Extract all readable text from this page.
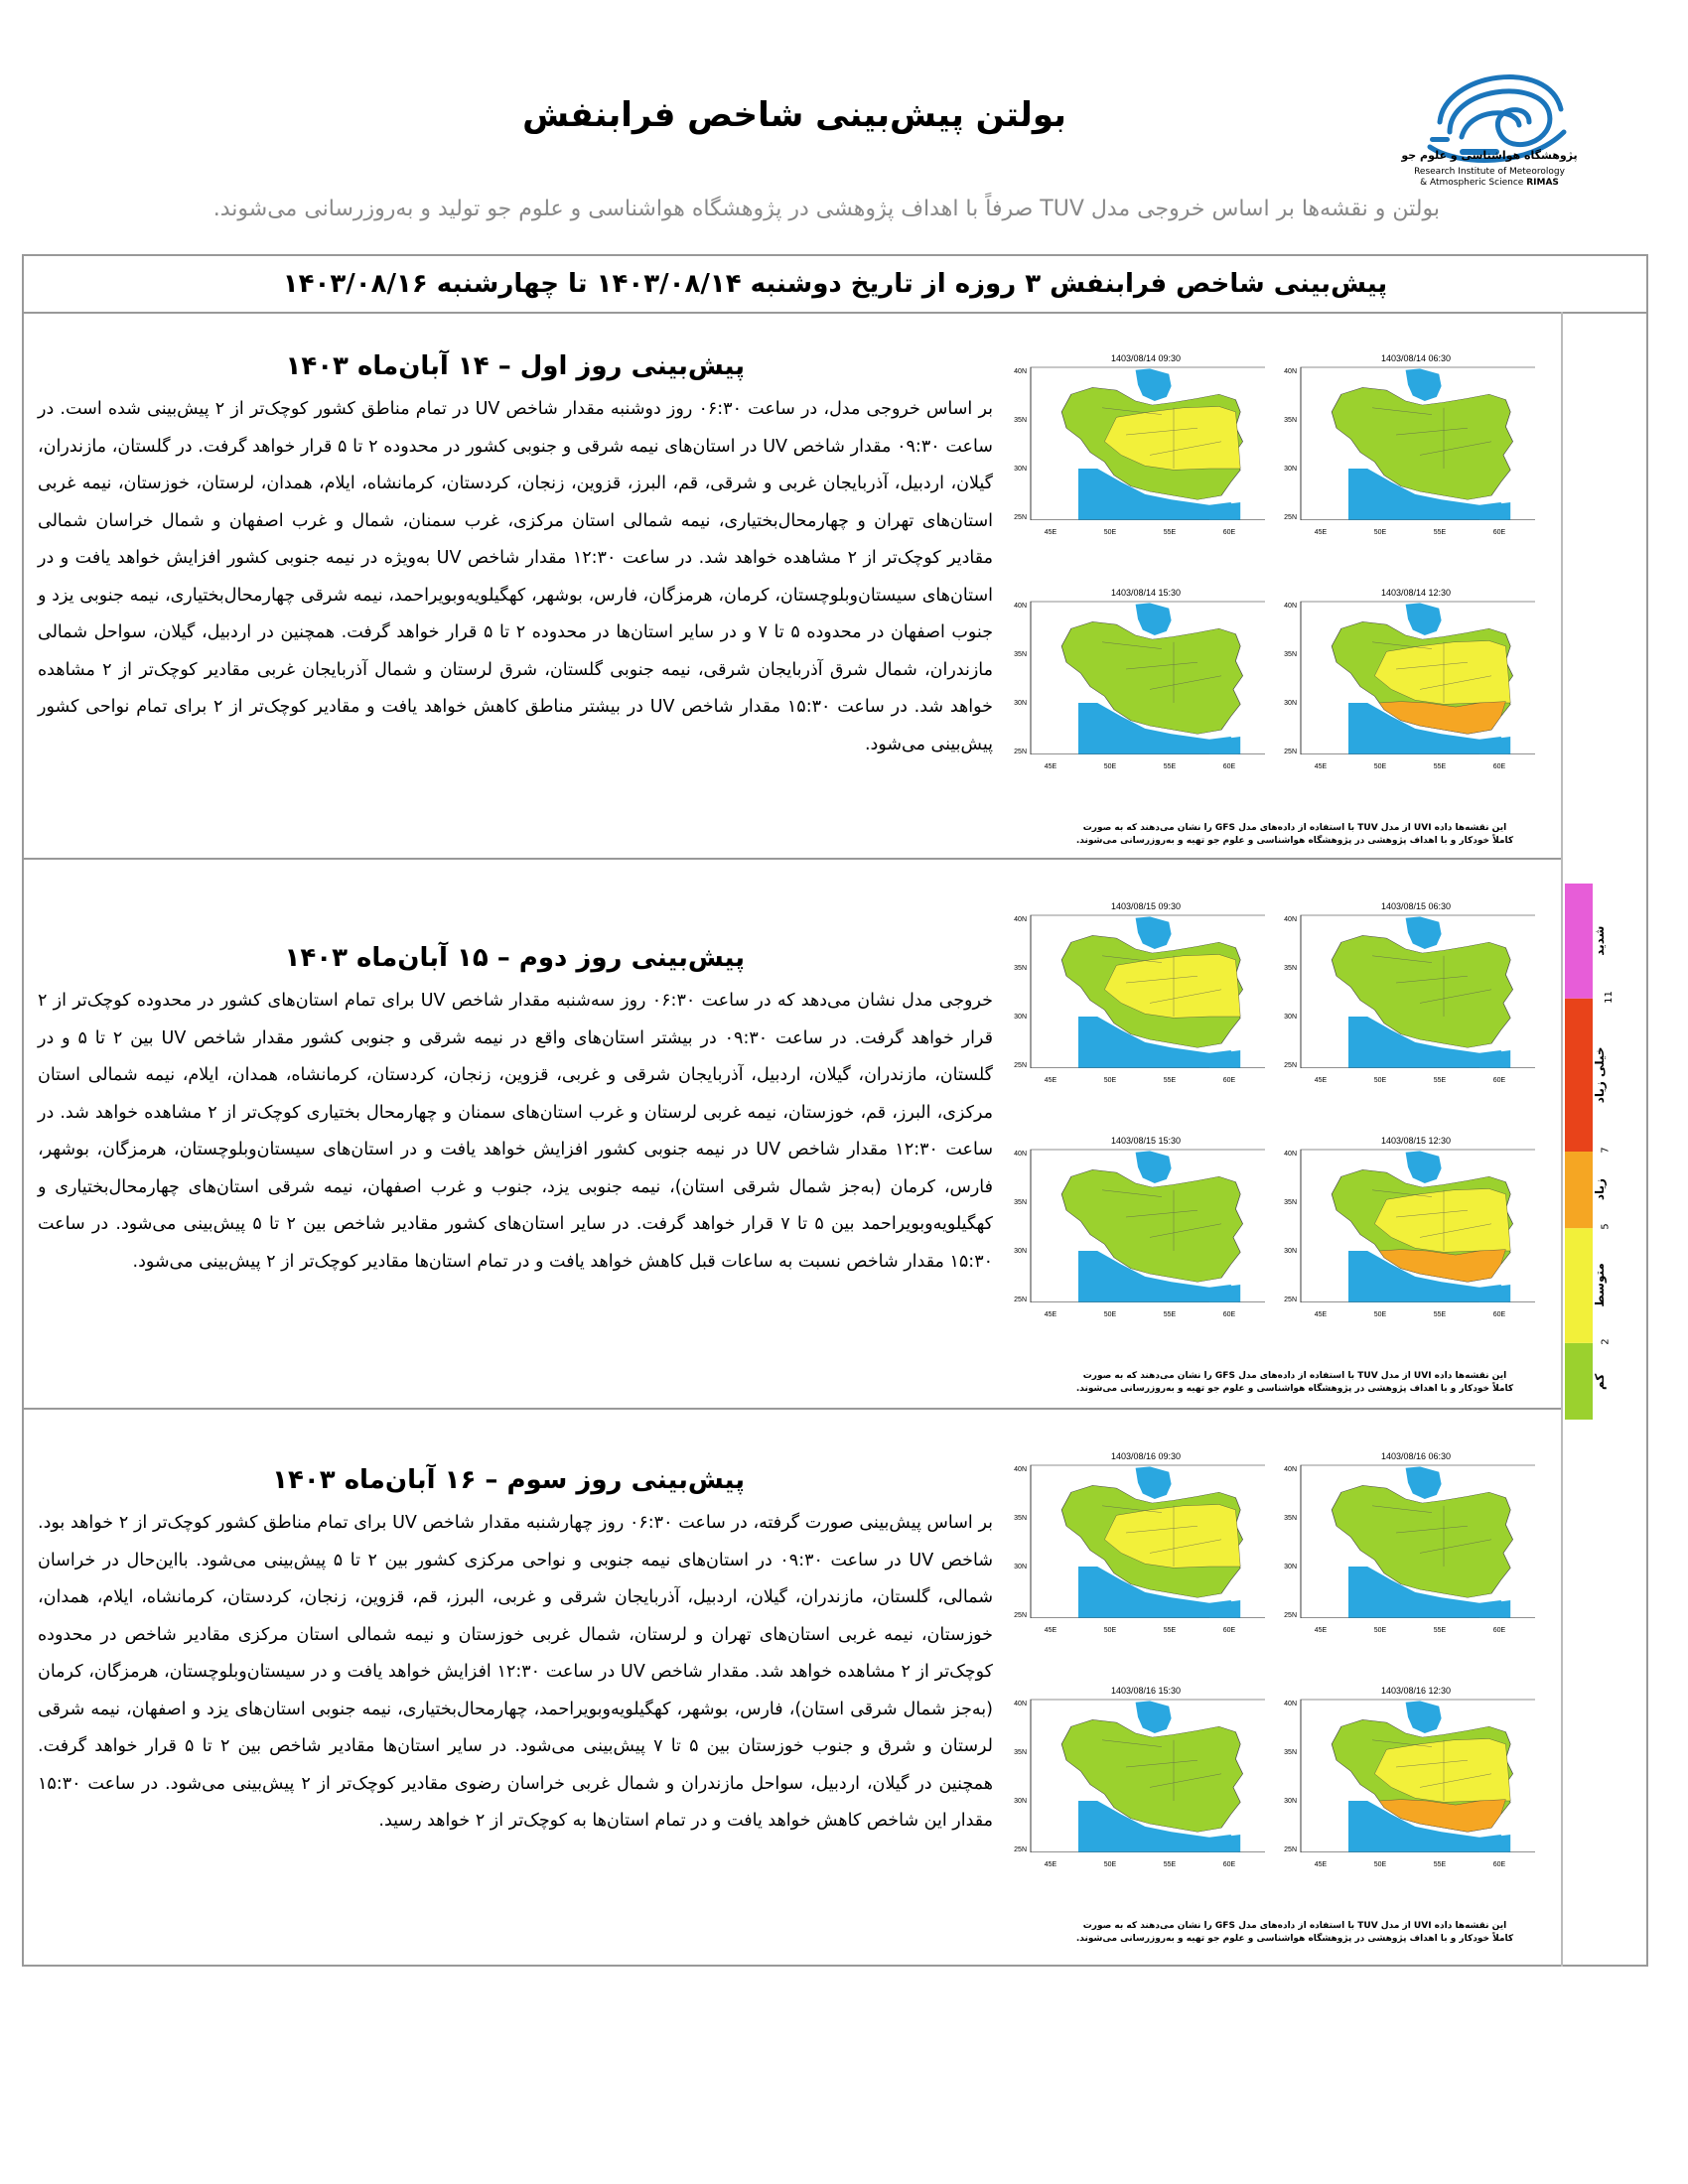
بولتن پیش‌بینی شاخص فرابنفش
بولتن و نقشه‌ها بر اساس خروجی مدل TUV صرفاً با اهداف پژوهشی در پژوهشگاه هواشناسی و علوم جو تولید و به‌روزرسانی می‌شوند.
پژوهشگاه هواشناسی و علوم جو
Research Institute of Meteorology
& Atmospheric Science RIMAS
پیش‌بینی شاخص فرابنفش ۳ روزه از تاریخ دوشنبه ۱۴۰۳/۰۸/۱۴ تا چهارشنبه ۱۴۰۳/۰۸/۱۶
پیش‌بینی روز اول – ۱۴ آبان‌ماه ۱۴۰۳
بر اساس خروجی مدل، در ساعت ۰۶:۳۰ روز دوشنبه مقدار شاخص UV در تمام مناطق کشور کوچک‌تر از ۲ پیش‌بینی شده است. در ساعت ۰۹:۳۰ مقدار شاخص UV در استان‌های نیمه شرقی و جنوبی کشور در محدوده ۲ تا ۵ قرار خواهد گرفت. در گلستان، مازندران، گیلان، اردبیل، آذربایجان غربی و شرقی، قم، البرز، قزوین، زنجان، کردستان، کرمانشاه، ایلام، همدان، لرستان، خوزستان، نیمه غربی استان‌های تهران و چهارمحال‌بختیاری، نیمه شمالی استان مرکزی، غرب سمنان، شمال و غرب اصفهان و شمال خراسان شمالی مقادیر کوچک‌تر از ۲ مشاهده خواهد شد. در ساعت ۱۲:۳۰ مقدار شاخص UV به‌ویژه در نیمه جنوبی کشور افزایش خواهد یافت و در استان‌های سیستان‌وبلوچستان، کرمان، هرمزگان، فارس، بوشهر، کهگیلویه‌وبویراحمد، نیمه شرقی چهارمحال‌بختیاری، نیمه جنوبی یزد و جنوب اصفهان در محدوده ۵ تا ۷ و در سایر استان‌ها در محدوده ۲ تا ۵ قرار خواهد گرفت. همچنین در اردبیل، گیلان، سواحل شمالی مازندران، شمال شرق آذربایجان شرقی، نیمه جنوبی گلستان، شرق لرستان و شمال آذربایجان غربی مقادیر کوچک‌تر از ۲ مشاهده خواهد شد. در ساعت ۱۵:۳۰ مقدار شاخص UV در بیشتر مناطق کاهش خواهد یافت و مقادیر کوچک‌تر از ۲ برای تمام نواحی کشور پیش‌بینی می‌شود.
1403/08/14 06:30
40N
35N
30N
25N
45E	50E	55E	60E
1403/08/14 09:30
40N
35N
30N
25N
45E	50E	55E	60E
1403/08/14 12:30
40N
35N
30N
25N
45E	50E	55E	60E
1403/08/14 15:30
40N
35N
30N
25N
45E	50E	55E	60E
این نقشه‌ها داده UVI از مدل TUV با استفاده از داده‌های مدل GFS را نشان می‌دهند که به صورت
کاملاً خودکار و با اهداف پژوهشی در پژوهشگاه هواشناسی و علوم جو تهیه و به‌روزرسانی می‌شوند.
پیش‌بینی روز دوم – ۱۵ آبان‌ماه ۱۴۰۳
خروجی مدل نشان می‌دهد که در ساعت ۰۶:۳۰ روز سه‌شنبه مقدار شاخص UV برای تمام استان‌های کشور در محدوده کوچک‌تر از ۲ قرار خواهد گرفت. در ساعت ۰۹:۳۰ در بیشتر استان‌های واقع در نیمه شرقی و جنوبی کشور مقدار شاخص UV بین ۲ تا ۵ و در گلستان، مازندران، گیلان، اردبیل، آذربایجان شرقی و غربی، قزوین، زنجان، کردستان، کرمانشاه، همدان، ایلام، نیمه شمالی استان مرکزی، البرز، قم، خوزستان، نیمه غربی لرستان و غرب استان‌های سمنان و چهارمحال بختیاری کوچک‌تر از ۲ مشاهده خواهد شد. در ساعت ۱۲:۳۰ مقدار شاخص UV در نیمه جنوبی کشور افزایش خواهد یافت و در استان‌های سیستان‌وبلوچستان، هرمزگان، بوشهر، فارس، کرمان (به‌جز شمال شرقی استان)، نیمه جنوبی یزد، جنوب و غرب اصفهان، نیمه شرقی استان‌های چهارمحال‌بختیاری و کهگیلویه‌وبویراحمد بین ۵ تا ۷ قرار خواهد گرفت. در سایر استان‌های کشور مقادیر شاخص بین ۲ تا ۵ پیش‌بینی می‌شود. در ساعت ۱۵:۳۰ مقدار شاخص نسبت به ساعات قبل کاهش خواهد یافت و در تمام استان‌ها مقادیر کوچک‌تر از ۲ پیش‌بینی می‌شود.
1403/08/15 06:30
40N
35N
30N
25N
45E	50E	55E	60E
1403/08/15 09:30
40N
35N
30N
25N
45E	50E	55E	60E
1403/08/15 12:30
40N
35N
30N
25N
45E	50E	55E	60E
1403/08/15 15:30
40N
35N
30N
25N
45E	50E	55E	60E
این نقشه‌ها داده UVI از مدل TUV با استفاده از داده‌های مدل GFS را نشان می‌دهند که به صورت
کاملاً خودکار و با اهداف پژوهشی در پژوهشگاه هواشناسی و علوم جو تهیه و به‌روزرسانی می‌شوند.
پیش‌بینی روز سوم – ۱۶ آبان‌ماه ۱۴۰۳
بر اساس پیش‌بینی صورت گرفته، در ساعت ۰۶:۳۰ روز چهارشنبه مقدار شاخص UV برای تمام مناطق کشور کوچک‌تر از ۲ خواهد بود. شاخص UV در ساعت ۰۹:۳۰ در استان‌های نیمه جنوبی و نواحی مرکزی کشور بین ۲ تا ۵ پیش‌بینی می‌شود. بااین‌حال در خراسان شمالی، گلستان، مازندران، گیلان، اردبیل، آذربایجان شرقی و غربی، البرز، قم، قزوین، زنجان، کردستان، کرمانشاه، ایلام، همدان، خوزستان، نیمه غربی استان‌های تهران و لرستان، شمال غربی خوزستان و نیمه شمالی استان مرکزی مقادیر شاخص در محدوده کوچک‌تر از ۲ مشاهده خواهد شد. مقدار شاخص UV در ساعت ۱۲:۳۰ افزایش خواهد یافت و در سیستان‌وبلوچستان، هرمزگان، کرمان (به‌جز شمال شرقی استان)، فارس، بوشهر، کهگیلویه‌وبویراحمد، چهارمحال‌بختیاری، نیمه جنوبی استان‌های یزد و اصفهان، نیمه شرقی لرستان و شرق و جنوب خوزستان بین ۵ تا ۷ پیش‌بینی می‌شود. در سایر استان‌ها مقادیر شاخص بین ۲ تا ۵ قرار خواهد گرفت. همچنین در گیلان، اردبیل، سواحل مازندران و شمال غربی خراسان رضوی مقادیر کوچک‌تر از ۲ پیش‌بینی می‌شود. در ساعت ۱۵:۳۰ مقدار این شاخص کاهش خواهد یافت و در تمام استان‌ها به کوچک‌تر از ۲ خواهد رسید.
1403/08/16 06:30
40N
35N
30N
25N
45E	50E	55E	60E
1403/08/16 09:30
40N
35N
30N
25N
45E	50E	55E	60E
1403/08/16 12:30
40N
35N
30N
25N
45E	50E	55E	60E
1403/08/16 15:30
40N
35N
30N
25N
45E	50E	55E	60E
این نقشه‌ها داده UVI از مدل TUV با استفاده از داده‌های مدل GFS را نشان می‌دهند که به صورت
کاملاً خودکار و با اهداف پژوهشی در پژوهشگاه هواشناسی و علوم جو تهیه و به‌روزرسانی می‌شوند.
کم
متوسط
زیاد
خیلی زیاد
شدید
2
5
7
11
